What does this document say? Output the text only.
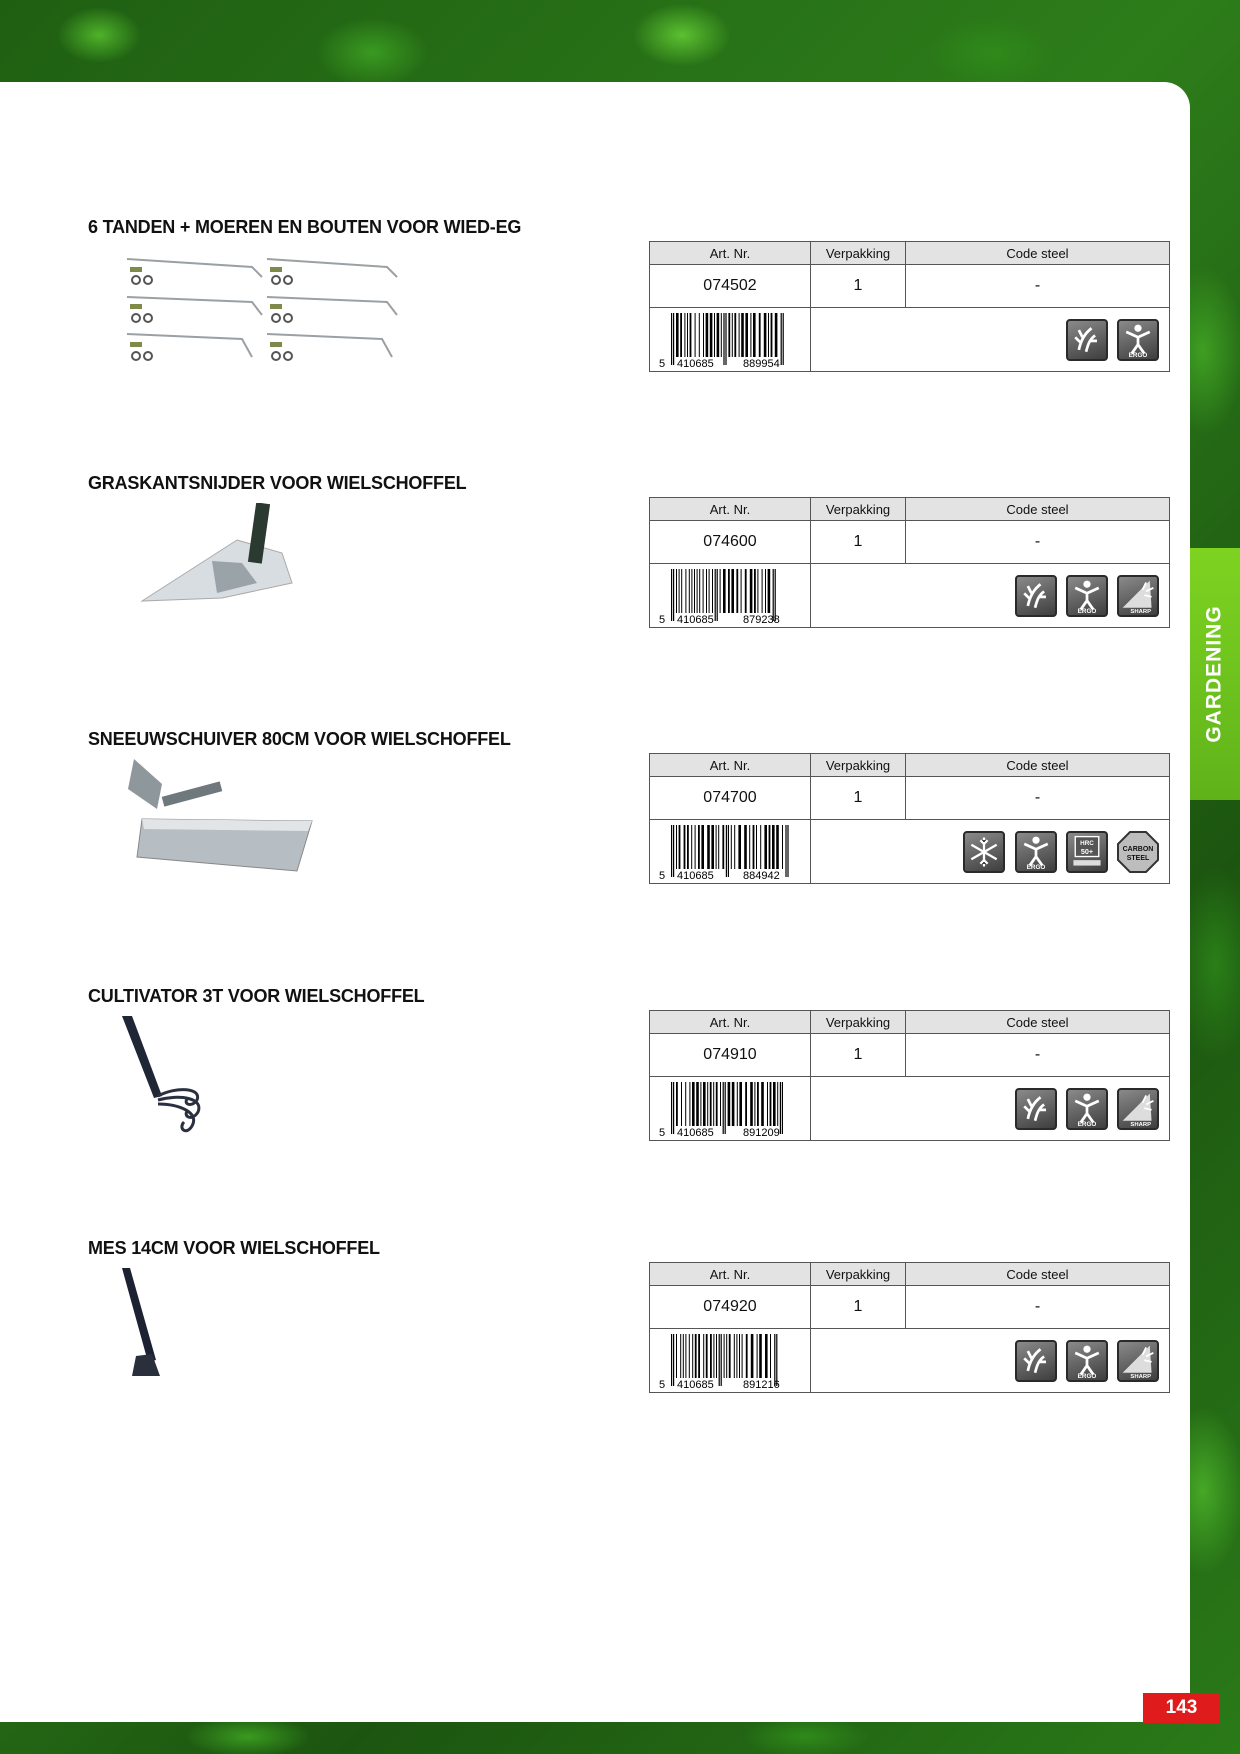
GARDENING
143
6 TANDEN + MOEREN EN BOUTEN VOOR WIED-EG
Art. Nr.	Verpakking	Code steel
074502	1	-

5 410685 889954	ERGO	
GRASKANTSNIJDER VOOR WIELSCHOFFEL
Art. Nr.	Verpakking	Code steel
074600	1	-

5 410685 879238	ERGO
SHARP	
SNEEUWSCHUIVER 80CM VOOR WIELSCHOFFEL
Art. Nr.	Verpakking	Code steel
074700	1	-

5 410685 884942	ERGO

HRC
50+
CARBON
STEEL	
CULTIVATOR 3T VOOR WIELSCHOFFEL
Art. Nr.	Verpakking	Code steel
074910	1	-

5 410685 891209	ERGO
SHARP	
MES 14CM VOOR WIELSCHOFFEL
Art. Nr.	Verpakking	Code steel
074920	1	-

5 410685 891216	ERGO
SHARP	
